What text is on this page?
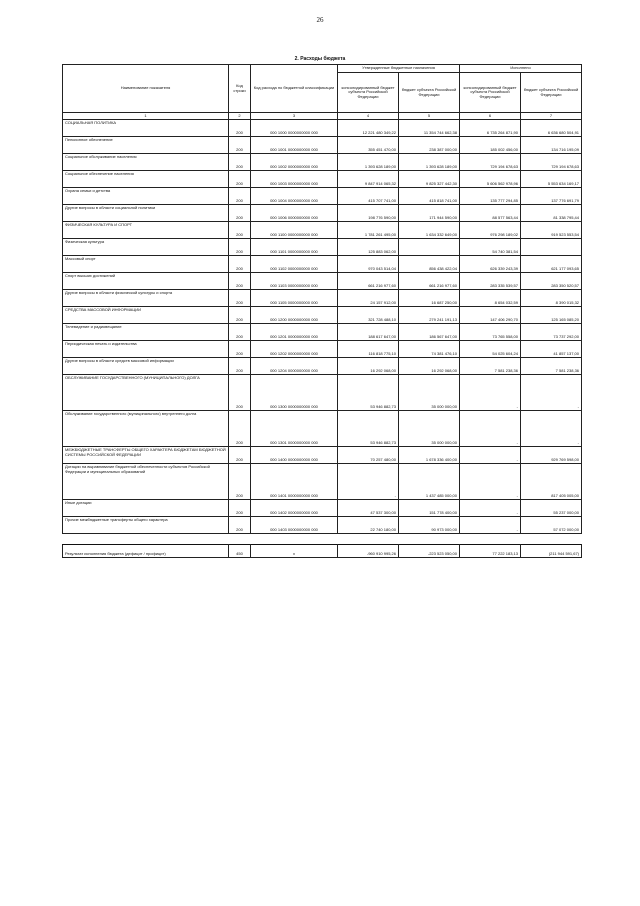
26
2. Расходы бюджета
Наименование показателя	Код строки	Код расхода по бюджетной классификации	Утвержденные бюджетные назначения		Исполнено	
			консолидированный бюджет субъекта Российской Федерации	бюджет субъекта Российской Федерации	консолидированный бюджет субъекта Российской Федерации	бюджет субъекта Российской Федерации
1	2	3	4	5	6	7
СОЦИАЛЬНАЯ ПОЛИТИКА	200	000 1000 0000000000 000	12 221 480 349,22	11 354 744 662,38	6 735 264 871,90	6 636 680 504,91
Пенсионное обеспечение	200	000 1001 0000000000 000	355 451 470,00	238 387 000,00	185 002 456,00	134 716 195,09
Социальное обслуживание населения	200	000 1002 0000000000 000	1 393 628 189,00	1 393 628 189,00	729 194 678,63	729 194 678,63
Социальное обеспечение населения	200	000 1003 0000000000 000	9 847 914 065,32	9 825 327 442,30	5 606 562 978,96	5 553 634 169,17
Охрана семьи и детства	200	000 1004 0000000000 000	415 707 741,00	415 818 741,00	135 777 294,85	137 776 691,79
Другие вопросы в области социальной политики	200	000 1006 0000000000 000	198 776 590,00	171 944 590,00	88 577 563,44	81 338 795,44
ФИЗИЧЕСКАЯ КУЛЬТУРА И СПОРТ	200	000 1100 0000000000 000	1 781 261 495,00	1 634 332 649,00	976 298 189,02	919 523 553,54
Физическая культура	200	000 1101 0000000000 000	125 883 062,00		54 740 381,54	
Массовый спорт	200	000 1102 0000000000 000	970 043 514,04	856 438 422,04	626 339 243,39	621 177 093,65
Спорт высших достижений	200	000 1103 0000000000 000	661 216 977,60	661 216 977,60	283 335 539,57	283 350 520,57
Другие вопросы в области физической культуры и спорта	200	000 1105 0000000000 000	24 157 912,00	16 687 250,00	8 654 032,59	8 390 015,32
СРЕДСТВА МАССОВОЙ ИНФОРМАЦИИ	200	000 1200 0000000000 000	321 728 488,10	279 241 191,13	147 406 290,70	125 165 085,20
Телевидение и радиовещание	200	000 1201 0000000000 000	188 617 647,00	186 567 647,00	73 765 558,00	73 737 292,00
Периодическая печать и издательства	200	000 1202 0000000000 000	116 818 775,10	74 381 476,10	54 025 604,24	41 857 137,00
Другие вопросы в области средств массовой информации	200	000 1204 0000000000 000	16 292 068,00	16 292 068,00	7 581 238,36	7 581 238,36
ОБСЛУЖИВАНИЕ ГОСУДАРСТВЕННОГО (МУНИЦИПАЛЬНОГО) ДОЛГА	200	000 1300 0000000000 000	53 946 882,73	35 000 000,00	-	-
Обслуживание государственного (муниципального) внутреннего долга	200	000 1301 0000000000 000	53 946 882,73	35 000 000,00	-	-
МЕЖБЮДЖЕТНЫЕ ТРАНСФЕРТЫ ОБЩЕГО ХАРАКТЕРА БЮДЖЕТАМ БЮДЖЕТНОЙ СИСТЕМЫ РОССИЙСКОЙ ФЕДЕРАЦИИ	200	000 1400 0000000000 000	70 257 480,00	1 678 336 400,00	-	929 769 598,00
Дотации на выравнивание бюджетной обеспеченности субъектов Российской Федерации и муниципальных образований	200	000 1401 0000000000 000	-	1 437 485 000,00	-	817 405 005,00
Иные дотации	200	000 1402 0000000000 000	47 537 300,00	151 778 400,00	-	55 237 000,00
Прочие межбюджетные трансферты общего характера	200	000 1403 0000000000 000	22 740 180,00	90 973 000,00	-	57 072 000,00

Результат исполнения бюджета (дефицит / профицит)	450	x	-960 910 995,26	-223 523 050,00	77 222 183,13	(211 944 591,67)
